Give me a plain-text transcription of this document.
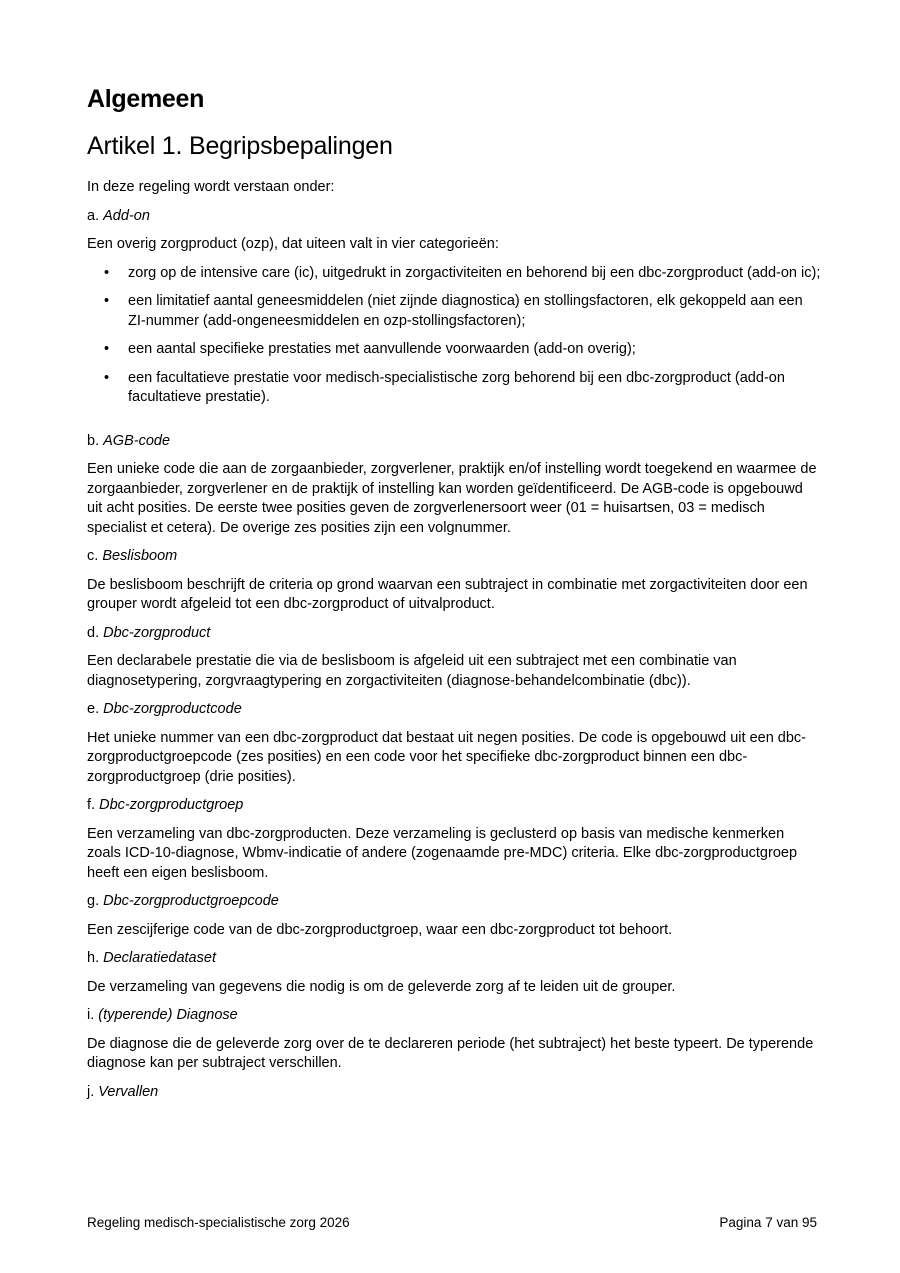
Algemeen
Artikel 1. Begripsbepalingen

In deze regeling wordt verstaan onder:

a. Add-on

Een overig zorgproduct (ozp), dat uiteen valt in vier categorieën:

• zorg op de intensive care (ic), uitgedrukt in zorgactiviteiten en behorend bij een dbc-zorgproduct (add-on ic);
• een limitatief aantal geneesmiddelen (niet zijnde diagnostica) en stollingsfactoren, elk gekoppeld aan een ZI-nummer (add-ongeneesmiddelen en ozp-stollingsfactoren);
• een aantal specifieke prestaties met aanvullende voorwaarden (add-on overig);
• een facultatieve prestatie voor medisch-specialistische zorg behorend bij een dbc-zorgproduct (add-on facultatieve prestatie).

b. AGB-code

Een unieke code die aan de zorgaanbieder, zorgverlener, praktijk en/of instelling wordt toegekend en waarmee de zorgaanbieder, zorgverlener en de praktijk of instelling kan worden geïdentificeerd. De AGB-code is opgebouwd uit acht posities. De eerste twee posities geven de zorgverlenersoort weer (01 = huisartsen, 03 = medisch specialist et cetera). De overige zes posities zijn een volgnummer.

c. Beslisboom

De beslisboom beschrijft de criteria op grond waarvan een subtraject in combinatie met zorgactiviteiten door een grouper wordt afgeleid tot een dbc-zorgproduct of uitvalproduct.

d. Dbc-zorgproduct

Een declarabele prestatie die via de beslisboom is afgeleid uit een subtraject met een combinatie van diagnosetypering, zorgvraagtypering en zorgactiviteiten (diagnose-behandelcombinatie (dbc)).

e. Dbc-zorgproductcode

Het unieke nummer van een dbc-zorgproduct dat bestaat uit negen posities. De code is opgebouwd uit een dbc-zorgproductgroepcode (zes posities) en een code voor het specifieke dbc-zorgproduct binnen een dbc-zorgproductgroep (drie posities).

f. Dbc-zorgproductgroep

Een verzameling van dbc-zorgproducten. Deze verzameling is geclusterd op basis van medische kenmerken zoals ICD-10-diagnose, Wbmv-indicatie of andere (zogenaamde pre-MDC) criteria. Elke dbc-zorgproductgroep heeft een eigen beslisboom.

g. Dbc-zorgproductgroepcode

Een zescijferige code van de dbc-zorgproductgroep, waar een dbc-zorgproduct tot behoort.

h. Declaratiedataset

De verzameling van gegevens die nodig is om de geleverde zorg af te leiden uit de grouper.

i. (typerende) Diagnose

De diagnose die de geleverde zorg over de te declareren periode (het subtraject) het beste typeert. De typerende diagnose kan per subtraject verschillen.

j. Vervallen

Regeling medisch-specialistische zorg 2026	Pagina 7 van 95
